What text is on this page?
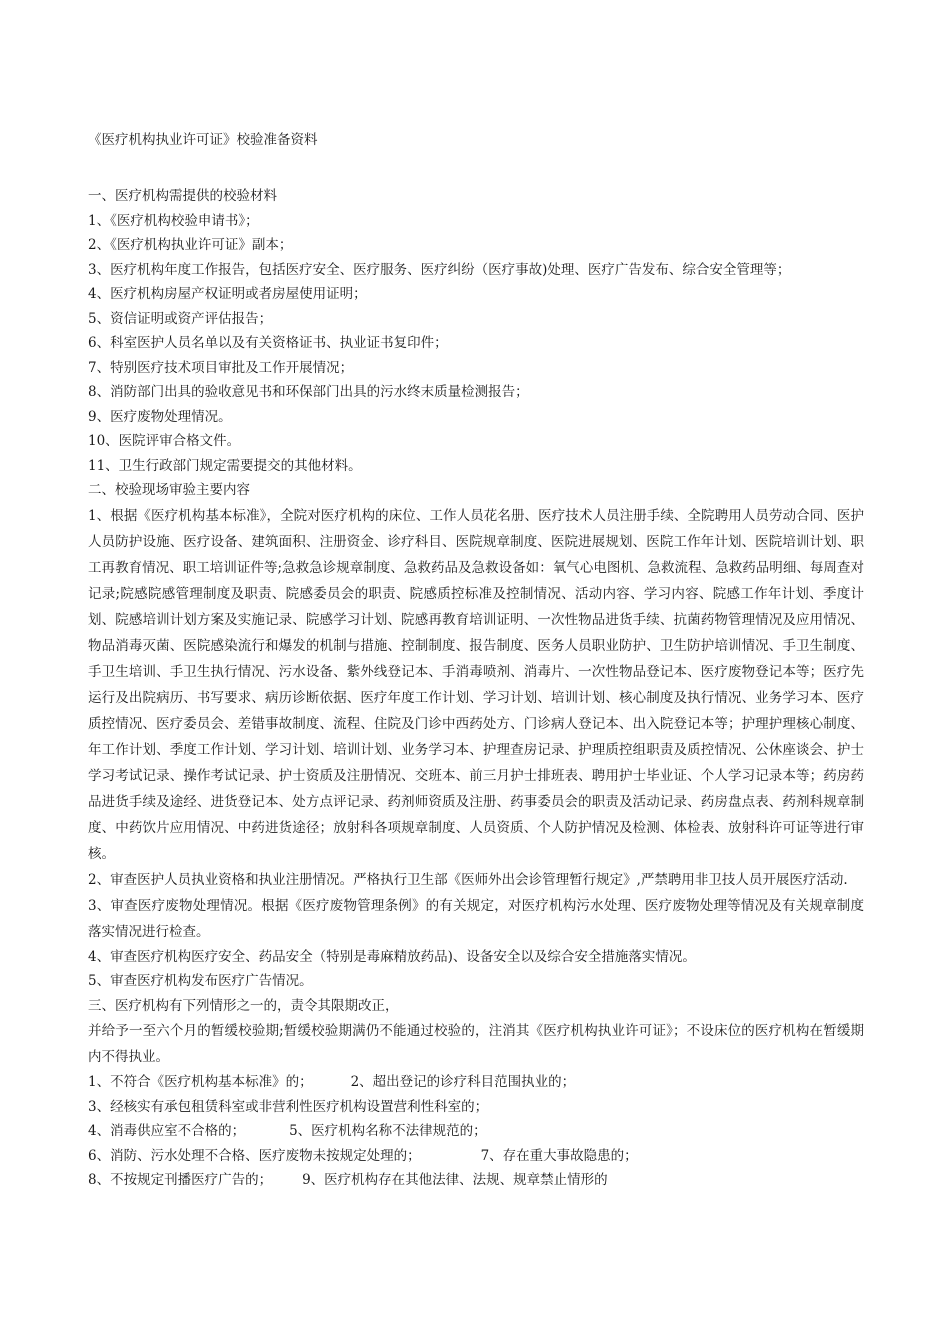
《医疗机构执业许可证》校验准备资料

一、医疗机构需提供的校验材料

1、《医疗机构校验申请书》；

2、《医疗机构执业许可证》副本；

3、医疗机构年度工作报告，包括医疗安全、医疗服务、医疗纠纷（医疗事故)处理、医疗广告发布、综合安全管理等；

4、医疗机构房屋产权证明或者房屋使用证明；

5、资信证明或资产评估报告；

6、科室医护人员名单以及有关资格证书、执业证书复印件；

7、特别医疗技术项目审批及工作开展情况；

8、消防部门出具的验收意见书和环保部门出具的污水终末质量检测报告；

9、医疗废物处理情况。

10、医院评审合格文件。

11、卫生行政部门规定需要提交的其他材料。

二、校验现场审验主要内容

1、根据《医疗机构基本标准》，全院对医疗机构的床位、工作人员花名册、医疗技术人员注册手续、全院聘用人员劳动合同、医护人员防护设施、医疗设备、建筑面积、注册资金、诊疗科目、医院规章制度、医院进展规划、医院工作年计划、医院培训计划、职工再教育情况、职工培训证件等;急救急诊规章制度、急救药品及急救设备如：氧气心电图机、急救流程、急救药品明细、每周查对记录;院感院感管理制度及职责、院感委员会的职责、院感质控标准及控制情况、活动内容、学习内容、院感工作年计划、季度计划、院感培训计划方案及实施记录、院感学习计划、院感再教育培训证明、一次性物品进货手续、抗菌药物管理情况及应用情况、物品消毒灭菌、医院感染流行和爆发的机制与措施、控制制度、报告制度、医务人员职业防护、卫生防护培训情况、手卫生制度、手卫生培训、手卫生执行情况、污水设备、紫外线登记本、手消毒喷剂、消毒片、一次性物品登记本、医疗废物登记本等；医疗先运行及出院病历、书写要求、病历诊断依据、医疗年度工作计划、学习计划、培训计划、核心制度及执行情况、业务学习本、医疗质控情况、医疗委员会、差错事故制度、流程、住院及门诊中西药处方、门诊病人登记本、出入院登记本等；护理护理核心制度、年工作计划、季度工作计划、学习计划、培训计划、业务学习本、护理查房记录、护理质控组职责及质控情况、公休座谈会、护士学习考试记录、操作考试记录、护士资质及注册情况、交班本、前三月护士排班表、聘用护士毕业证、个人学习记录本等；药房药品进货手续及途经、进货登记本、处方点评记录、药剂师资质及注册、药事委员会的职责及活动记录、药房盘点表、药剂科规章制度、中药饮片应用情况、中药进货途径；放射科各项规章制度、人员资质、个人防护情况及检测、体检表、放射科许可证等进行审核。

2、审查医护人员执业资格和执业注册情况。严格执行卫生部《医师外出会诊管理暂行规定》,严禁聘用非卫技人员开展医疗活动.

3、审查医疗废物处理情况。根据《医疗废物管理条例》的有关规定，对医疗机构污水处理、医疗废物处理等情况及有关规章制度落实情况进行检查。

4、审查医疗机构医疗安全、药品安全（特别是毒麻精放药品)、设备安全以及综合安全措施落实情况。

5、审查医疗机构发布医疗广告情况。

三、医疗机构有下列情形之一的，责令其限期改正，

并给予一至六个月的暂缓校验期;暂缓校验期满仍不能通过校验的，注消其《医疗机构执业许可证》；不设床位的医疗机构在暂缓期内不得执业。

1、不符合《医疗机构基本标准》的；	2、超出登记的诊疗科目范围执业的；

3、经核实有承包租赁科室或非营利性医疗机构设置营利性科室的；

4、消毒供应室不合格的；	5、医疗机构名称不法律规范的；

6、消防、污水处理不合格、医疗废物未按规定处理的；	7、存在重大事故隐患的；

8、不按规定刊播医疗广告的； 9、医疗机构存在其他法律、法规、规章禁止情形的
